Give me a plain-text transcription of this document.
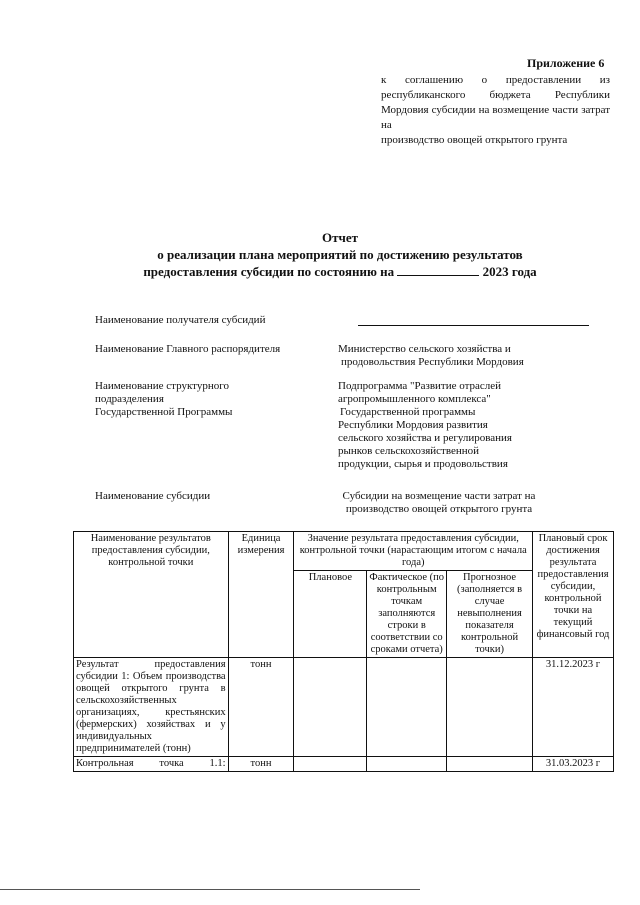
Приложение 6
к соглашению о предоставлении из республиканского бюджета Республики Мордовия субсидии на возмещение части затрат на
производство овощей открытого грунта
Отчет
о реализации плана мероприятий по достижению результатов
предоставления субсидии по состоянию на	2023 года
Наименование получателя субсидий
Наименование Главного распорядителя	Министерство сельского хозяйства и
продовольствия Республики Мордовия
Наименование структурного
подразделения
Государственной Программы
Подпрограмма "Развитие отраслей
агропромышленного комплекса"
Государственной программы
Республики Мордовия развития
сельского хозяйства и регулирования
рынков сельскохозяйственной
продукции, сырья и продовольствия
Наименование субсидии	Субсидии на возмещение части затрат на
производство овощей открытого грунта
Наименование результатов предоставления субсидии, контрольной точки	Единица измерения	Значение результата предоставления субсидии, контрольной точки (нарастающим итогом с начала года)			Плановый срок достижения результата предоставления субсидии, контрольной точки на текущий финансовый год
		Плановое	Фактическое (по контрольным точкам заполняются строки в соответствии со сроками отчета)	Прогнозное (заполняется в случае невыполнения показателя контрольной точки)	
Результат предоставления субсидии 1: Объем производства овощей открытого грунта в сельскохозяйственных организациях, крестьянских (фермерских) хозяйствах и у индивидуальных предпринимателей (тонн)	тонн				31.12.2023 г
Контрольная точка 1.1:	тонн				31.03.2023 г
